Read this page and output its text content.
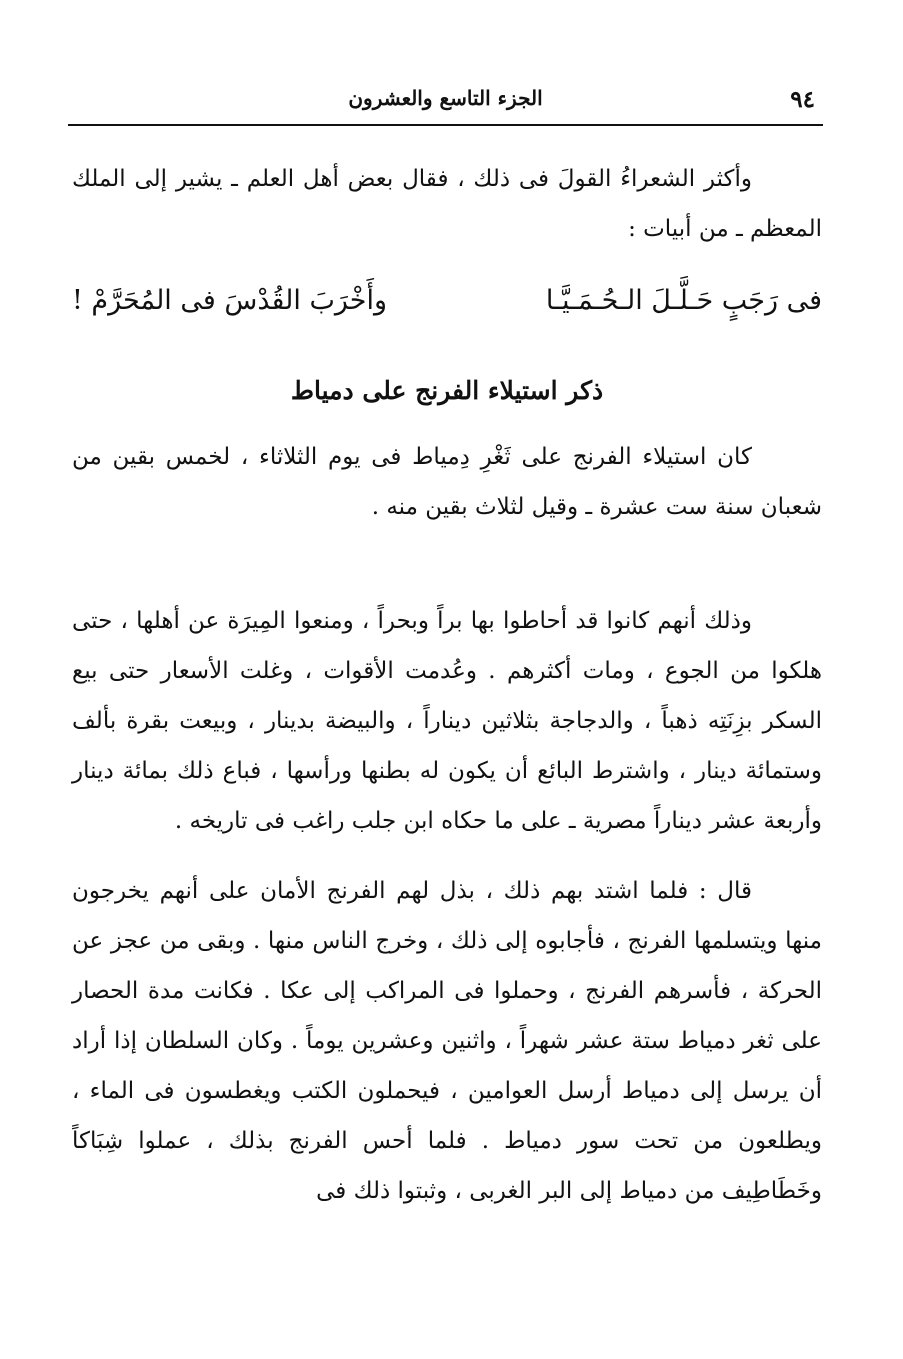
٩٤
الجزء التاسع والعشرون

وأكثر الشعراءُ القولَ فى ذلك ، فقال بعض أهل العلم ـ يشير إلى الملك المعظم ـ من أبيات :

فى رَجَبٍ حَـلَّـلَ الـحُـمَـيَّـا
وأَخْرَبَ القُدْسَ فى المُحَرَّمْ !
ذكر استيلاء الفرنج على دمياط

كان استيلاء الفرنج على ثَغْرِ دِمياط فى يوم الثلاثاء ، لخمس بقين من شعبان سنة ست عشرة ـ وقيل لثلاث بقين منه .

وذلك أنهم كانوا قد أحاطوا بها براً وبحراً ، ومنعوا المِيرَة عن أهلها ، حتى هلكوا من الجوع ، ومات أكثرهم . وعُدمت الأقوات ، وغلت الأسعار حتى بيع السكر بزِنَتِه ذهباً ، والدجاجة بثلاثين ديناراً ، والبيضة بدينار ، وبيعت بقرة بألف وستمائة دينار ، واشترط البائع أن يكون له بطنها ورأسها ، فباع ذلك بمائة دينار وأربعة عشر ديناراً مصرية ـ على ما حكاه ابن جلب راغب فى تاريخه .

قال : فلما اشتد بهم ذلك ، بذل لهم الفرنج الأمان على أنهم يخرجون منها ويتسلمها الفرنج ، فأجابوه إلى ذلك ، وخرج الناس منها . وبقى من عجز عن الحركة ، فأسرهم الفرنج ، وحملوا فى المراكب إلى عكا . فكانت مدة الحصار على ثغر دمياط ستة عشر شهراً ، واثنين وعشرين يوماً . وكان السلطان إذا أراد أن يرسل إلى دمياط أرسل العوامين ، فيحملون الكتب ويغطسون فى الماء ، ويطلعون من تحت سور دمياط . فلما أحس الفرنج بذلك ، عملوا شِبَاكاً وخَطَاطِيف من دمياط إلى البر الغربى ، وثبتوا ذلك فى
